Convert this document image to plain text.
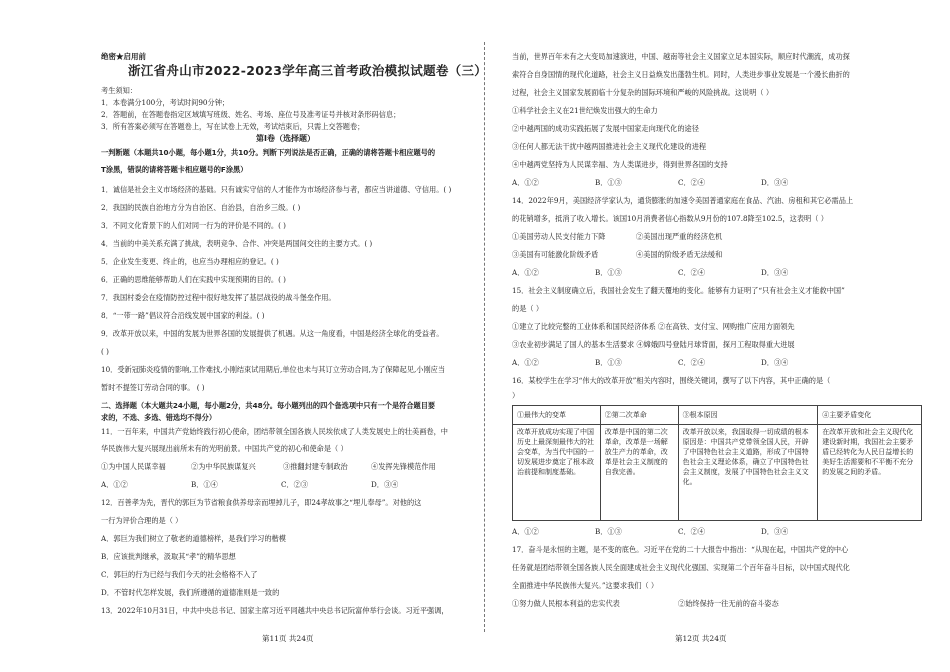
绝密★启用前
浙江省舟山市2022-2023学年高三首考政治模拟试题卷（三）
考生须知：
1．本卷满分100分，考试时间90分钟；
2．答题前，在答题卷指定区域填写班级、姓名、考场、座位号及准考证号并核对条形码信息；
3．所有答案必须写在答题卷上，写在试卷上无效，考试结束后，只需上交答题卷；
第Ⅰ卷（选择题）
一判断题（本题共10小题，每小题1分，共10分。判断下列说法是否正确，正确的请将答题卡相应题号的
T涂黑，错误的请将答题卡相应题号的F涂黑）
1．诚信是社会主义市场经济的基础。只有诚实守信的人才能作为市场经济参与者，都应当讲道德、守信用。( )
2．我国的民族自治地方分为自治区、自治县，自治乡三级。( )
3．不同文化背景下的人们对同一行为的评价是不同的。( )
4．当前的中美关系充满了挑战，表明竞争、合作、冲突是两国间交往的主要方式。( )
5．企业发生变更、终止的，也应当办理相应的登记。( )
6．正确的思维能够帮助人们在实践中实现预期的目的。( )
7．我国村委会在疫情防控过程中很好地发挥了基层战役的战斗堡垒作用。
8．“一带一路”倡议符合沿线发展中国家的利益。( )
9．改革开放以来，中国的发展为世界各国的发展提供了机遇。从这一角度看，中国是经济全球化的受益者。
( )
10．受新冠肺炎疫情的影响,工作难找,小刚结束试用期后,单位也未与其订立劳动合同,为了保障起见,小刚应当
暂时不提签订劳动合同的事。 ( )
二、选择题（本大题共24小题，每小题2分，共48分。每小题列出的四个备选项中只有一个是符合题目要
求的，不选、多选、错选均不得分）
11．一百年来，中国共产党始终践行初心使命，团结带领全国各族人民埃依成了人类发展史上的壮美画卷，中
华民族伟大复兴展现出前所未有的光明前景。中国共产党的初心和使命是（ ）
①为中国人民谋幸福	②为中华民族谋复兴	③推翻封建专制政治	④发挥先锋模范作用
A．①②	B．①④	C．②③	D．③④
12．百善孝为先，晋代的郭巨为节省粮食供养母亲而埋掉儿子，即24孝故事之“埋儿奉母”。对他的这
一行为评价合理的是（ ）
A．郭巨为我们树立了敬老的道德榜样，是我们学习的楷模
B．应该批判继承，汲取其“孝”的精华思想
C．郭巨的行为已经与我们今天的社会格格不入了
D．不管时代怎样发展，我们所遵循的道德准则是一致的
13．2022年10月31日，中共中央总书记、国家主席习近平同越共中央总书记阮富仲举行会谈。习近平强调，
第11页 共24页
当前，世界百年未有之大变局加速演进，中国、越南等社会主义国家立足本国实际，顺应时代潮流，成功探
索符合自身国情的现代化道路，社会主义日益焕发出蓬勃生机。同时，人类进步事业发展是一个漫长曲折的
过程，社会主义国家发展面临十分复杂的国际环境和严峻的风险挑战。这说明（ ）
①科学社会主义在21世纪焕发出强大的生命力
②中越两国的成功实践拓展了发展中国家走向现代化的途径
③任何人都无法干扰中越两国推进社会主义现代化建设的进程
④中越两党坚持为人民谋幸福、为人类谋进步，得到世界各国的支持
A．①②	B．①③	C．②④	D．③④
14．2022年9月，美国经济学家认为，通货膨胀的加速令美国普通家庭在食品、汽油、房租和其它必需品上
的花销增多，抵消了收入增长。该国10月消费者信心指数从9月份的107.8降至102.5，这表明（ ）
①美国劳动人民支付能力下降	②美国出现严重的经济危机
③美国有可能激化阶级矛盾	④美国的阶级矛盾无法缓和
A．①②	B．①③	C．②④	D．③④
15．社会主义制度确立后，我国社会发生了翻天覆地的变化。能够有力证明了“只有社会主义才能救中国”
的是（ ）
①建立了比较完整的工业体系和国民经济体系 ②在高铁、支付宝、网购推广应用方面领先
③农业初步满足了国人的基本生活要求 ④嫦娥四号登陆月球背面，探月工程取得重大进展
A．①②	B．①③	C．②④	D．③④
16．某校学生在学习“伟大的改革开放”相关内容时，围绕关键词，撰写了以下内容，其中正确的是（
）
①最伟大的变革	②第二次革命	③根本原因	④主要矛盾变化
改革开放成功实现了中国历史上最深刻最伟大的社会变革，为当代中国的一切发展进步奠定了根本政治前提和制度基础。	改革是中国的第二次革命，改革是一场解放生产力的革命，改革是社会主义制度的自我完善。	改革开放以来，我国取得一切成绩的根本原因是：中国共产党带领全国人民，开辟了中国特色社会主义道路，形成了中国特色社会主义理论体系，确立了中国特色社会主义制度，发展了中国特色社会主义文化。	在改革开放和社会主义现代化建设新时期，我国社会主要矛盾已经转化为人民日益增长的美好生活需要和不平衡不充分的发展之间的矛盾。
A．①②	B．①③	C．②④	D．③④
17．奋斗是永恒的主题，是不变的底色。习近平在党的二十大报告中指出：“从现在起，中国共产党的中心
任务就是团结带领全国各族人民全面建成社会主义现代化强国、实现第二个百年奋斗目标，以中国式现代化
全面推进中华民族伟大复兴。”这要求我们（ ）
①努力做人民根本利益的忠实代表	②始终保持一往无前的奋斗姿态
第12页 共24页
